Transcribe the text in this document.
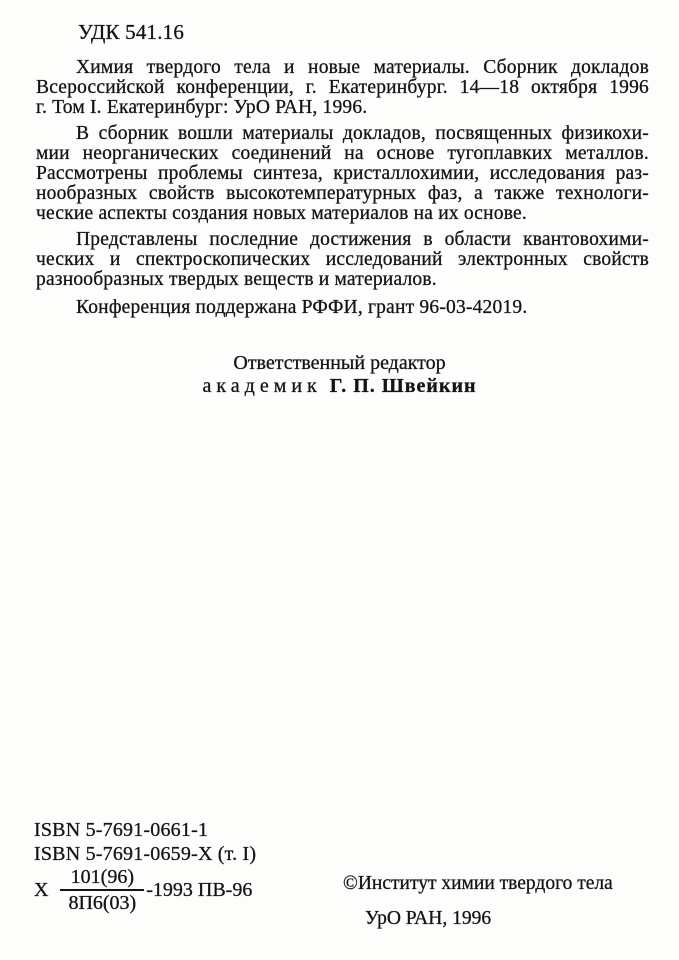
УДК 541.16

Химия твердого тела и новые материалы. Сборник докладов
Всероссийской конференции, г. Екатеринбург. 14—18 октября 1996
г. Том I. Екатеринбург: УрО РАН, 1996.

В сборник вошли материалы докладов, посвященных физикохи-
мии неорганических соединений на основе тугоплавких металлов.
Рассмотрены проблемы синтеза, кристаллохимии, исследования раз-
нообразных свойств высокотемпературных фаз, а также технологи-
ческие аспекты создания новых материалов на их основе.

Представлены последние достижения в области квантовохими-
ческих и спектроскопических исследований электронных свойств
разнообразных твердых веществ и материалов.

Конференция поддержана РФФИ, грант 96-03-42019.

Ответственный редактор
академик Г. П. Швейкин
ISBN 5-7691-0661-1
ISBN 5-7691-0659-X (т. I)
Х $\frac{101(96)}{8П6(03)} -1993$ ПВ-96	©Институт химии твердого тела
УрО РАН, 1996
